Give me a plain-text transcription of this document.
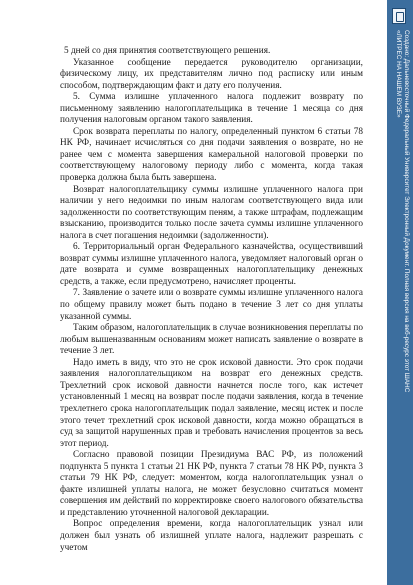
5 дней со дня принятия соответствующего решения.

Указанное сообщение передается руководителю организации, физическому лицу, их представителям лично под расписку или иным способом, подтверждающим факт и дату его получения.

5. Сумма излишне уплаченного налога подлежит возврату по письменному заявлению налогоплательщика в течение 1 месяца со дня получения налоговым органом такого заявления.

Срок возврата переплаты по налогу, определенный пунктом 6 статьи 78 НК РФ, начинает исчисляться со дня подачи заявления о возврате, но не ранее чем с момента завершения камеральной налоговой проверки по соответствующему налоговому периоду либо с момента, когда такая проверка должна была быть завершена.

Возврат налогоплательщику суммы излишне уплаченного налога при наличии у него недоимки по иным налогам соответствующего вида или задолженности по соответствующим пеням, а также штрафам, подлежащим взысканию, производится только после зачета суммы излишне уплаченного налога в счет погашения недоимки (задолженности).

6. Территориальный орган Федерального казначейства, осуществивший возврат суммы излишне уплаченного налога, уведомляет налоговый орган о дате возврата и сумме возвращенных налогоплательщику денежных средств, а также, если предусмотрено, начисляет проценты.

7. Заявление о зачете или о возврате суммы излишне уплаченного налога по общему правилу может быть подано в течение 3 лет со дня уплаты указанной суммы.

Таким образом, налогоплательщик в случае возникновения переплаты по любым вышеназванным основаниям может написать заявление о возврате в течение 3 лет.

Надо иметь в виду, что это не срок исковой давности. Это срок подачи заявления налогоплательщиком на возврат его денежных средств. Трехлетний срок исковой давности начнется после того, как истечет установленный 1 месяц на возврат после подачи заявления, когда в течение трехлетнего срока налогоплательщик подал заявление, месяц истек и после этого течет трехлетний срок исковой давности, когда можно обращаться в суд за защитой нарушенных прав и требовать начисления процентов за весь этот период.

Согласно правовой позиции Президиума ВАС РФ, из положений подпункта 5 пункта 1 статьи 21 НК РФ, пункта 7 статьи 78 НК РФ, пункта 3 статьи 79 НК РФ, следует: моментом, когда налогоплательщик узнал о факте излишней уплаты налога, не может безусловно считаться момент совершения им действий по корректировке своего налогового обязательства и представлению уточненной налоговой декларации.

Вопрос определения времени, когда налогоплательщик узнал или должен был узнать об излишней уплате налога, надлежит разрешать с учетом

Создано: Дальневосточный Федеральный Университет Электронный Документ. Полная версия на веб-ресурс этот ШАНС
«ЛИТРЕС НА НАШЕМ ВУЗЕ»
